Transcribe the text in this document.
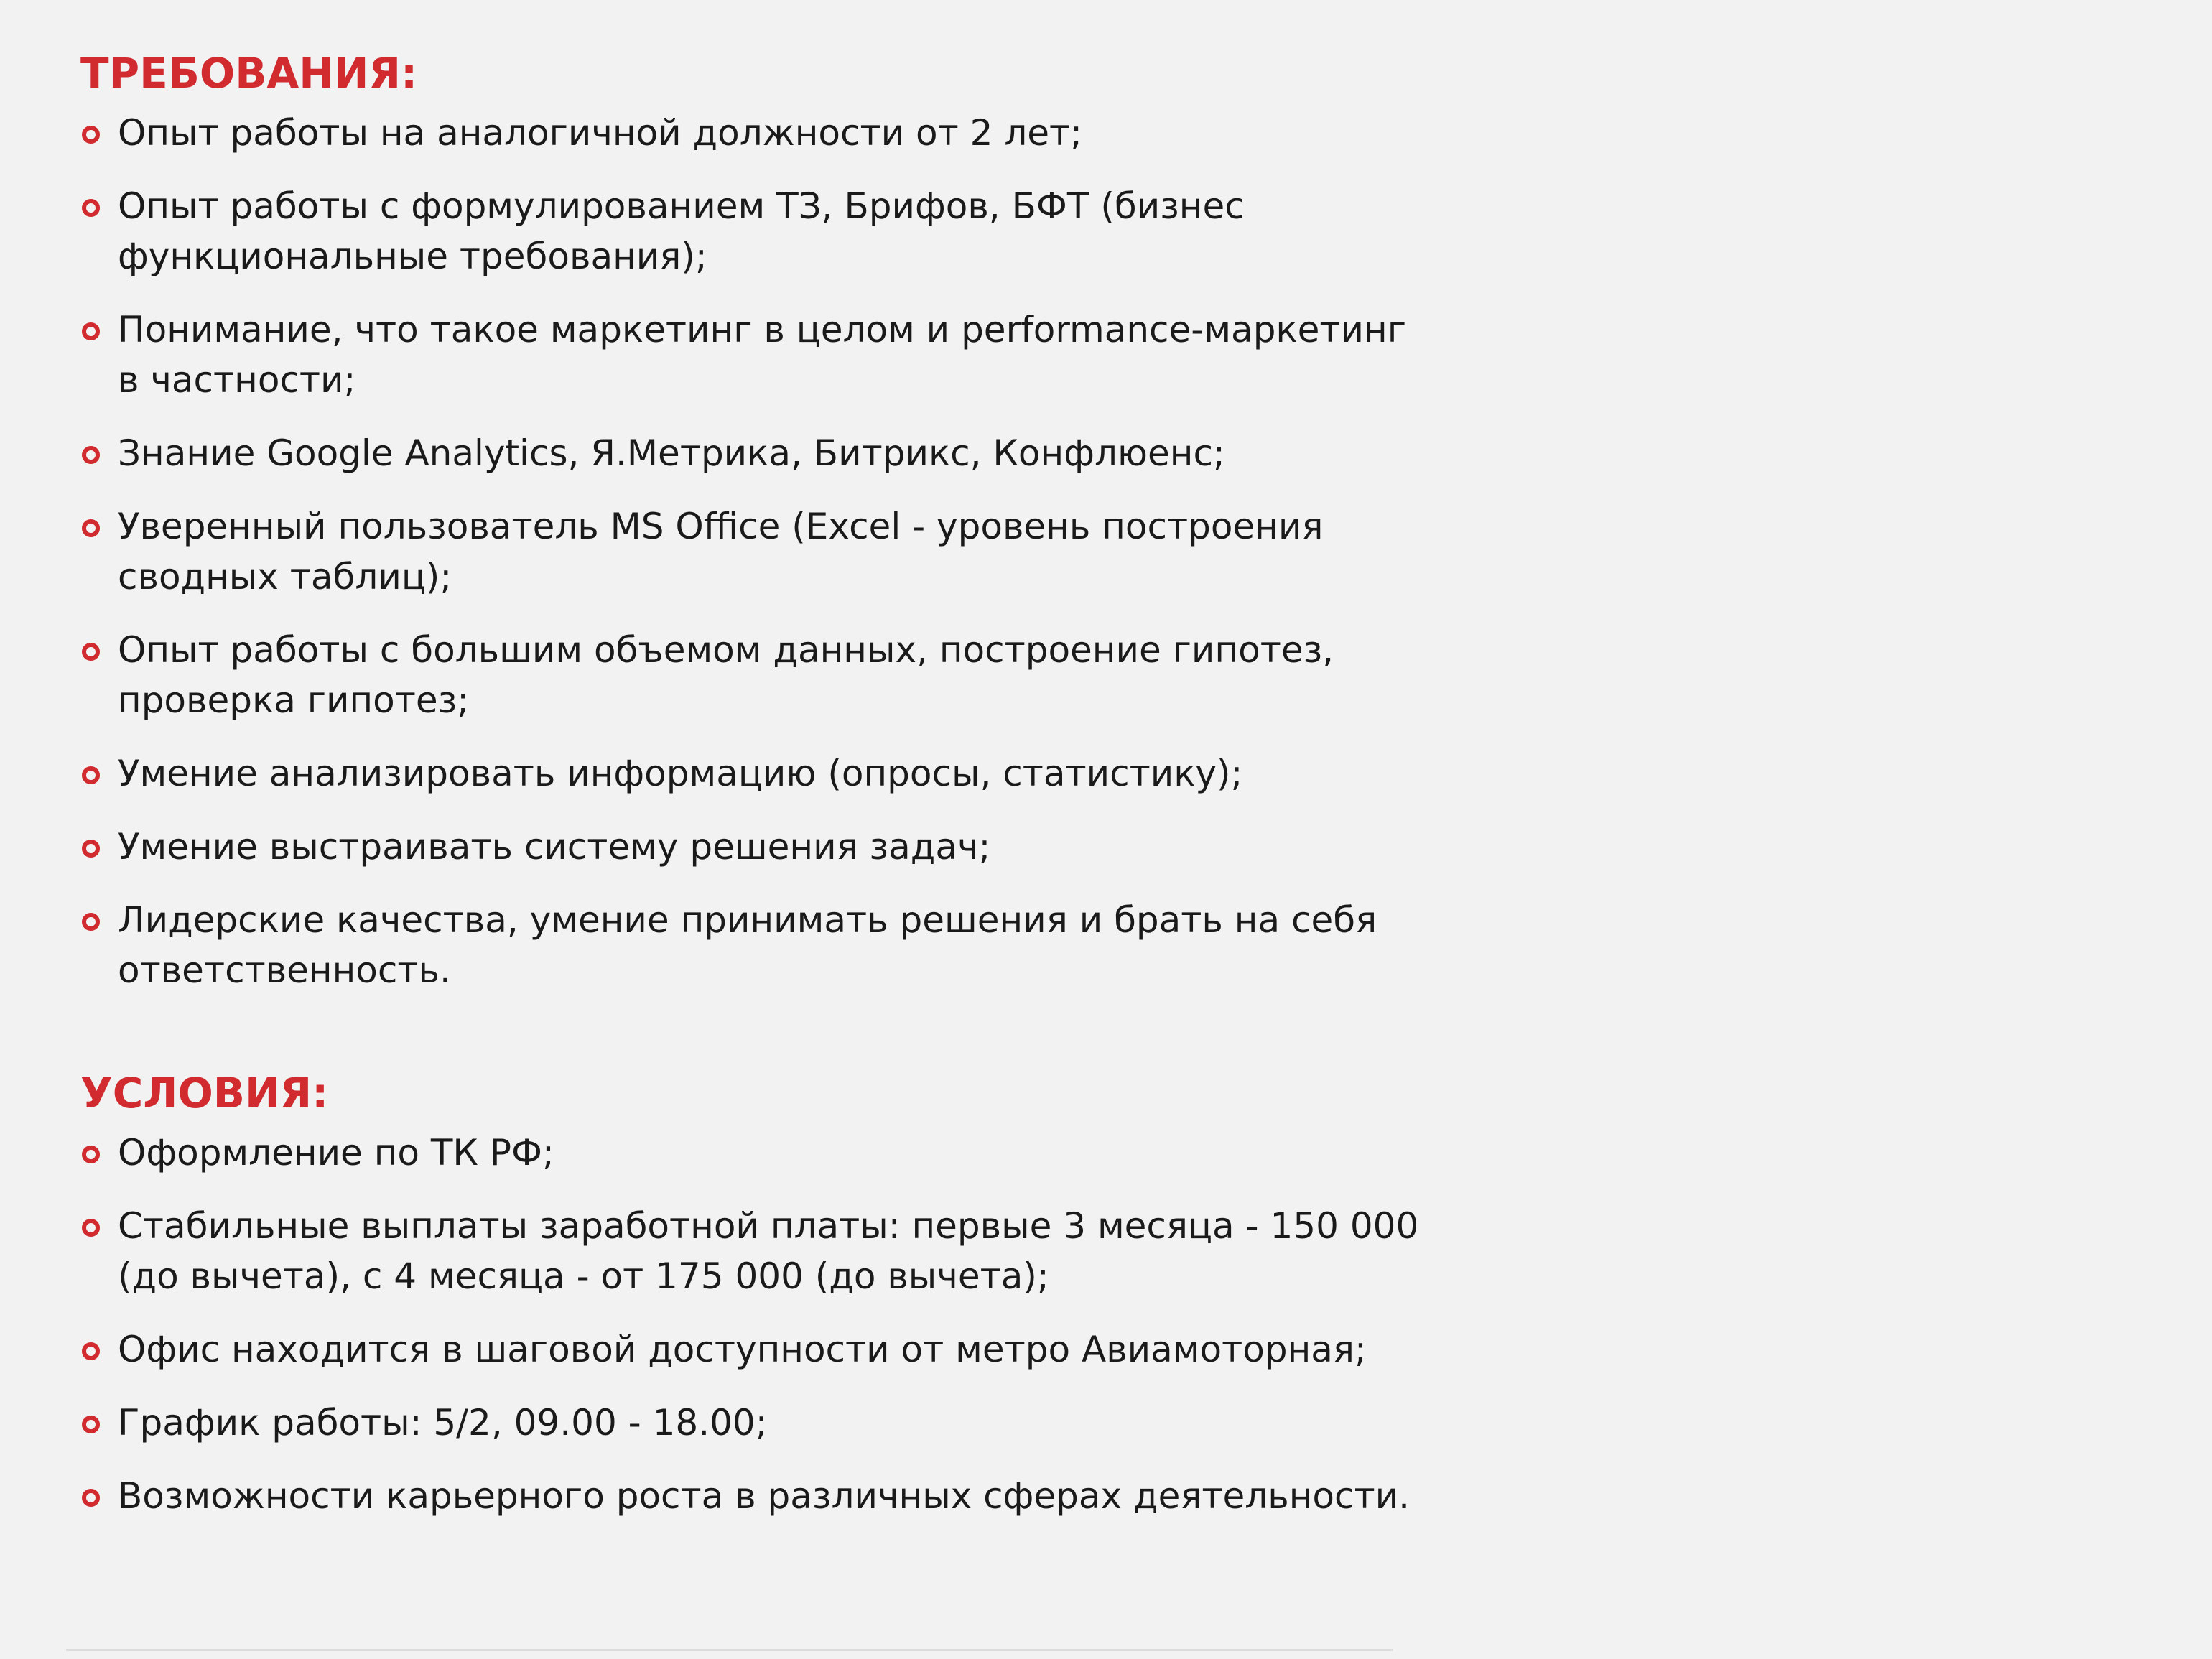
ТРЕБОВАНИЯ:
Опыт работы на аналогичной должности от 2 лет;
Опыт работы с формулированием ТЗ, Брифов, БФТ (бизнес функциональные требования);
Понимание, что такое маркетинг в целом и performance-маркетинг в частности;
Знание Google Analytics, Я.Метрика, Битрикс, Конфлюенс;
Уверенный пользователь MS Office (Excel - уровень построения сводных таблиц);
Опыт работы с большим объемом данных, построение гипотез, проверка гипотез;
Умение анализировать информацию (опросы, статистику);
Умение выстраивать систему решения задач;
Лидерские качества, умение принимать решения и брать на себя ответственность.
УСЛОВИЯ:
Оформление по ТК РФ;
Стабильные выплаты заработной платы: первые 3 месяца - 150 000 (до вычета), с 4 месяца - от 175 000 (до вычета);
Офис находится в шаговой доступности от метро Авиамоторная;
График работы: 5/2, 09.00 - 18.00;
Возможности карьерного роста в различных сферах деятельности.
